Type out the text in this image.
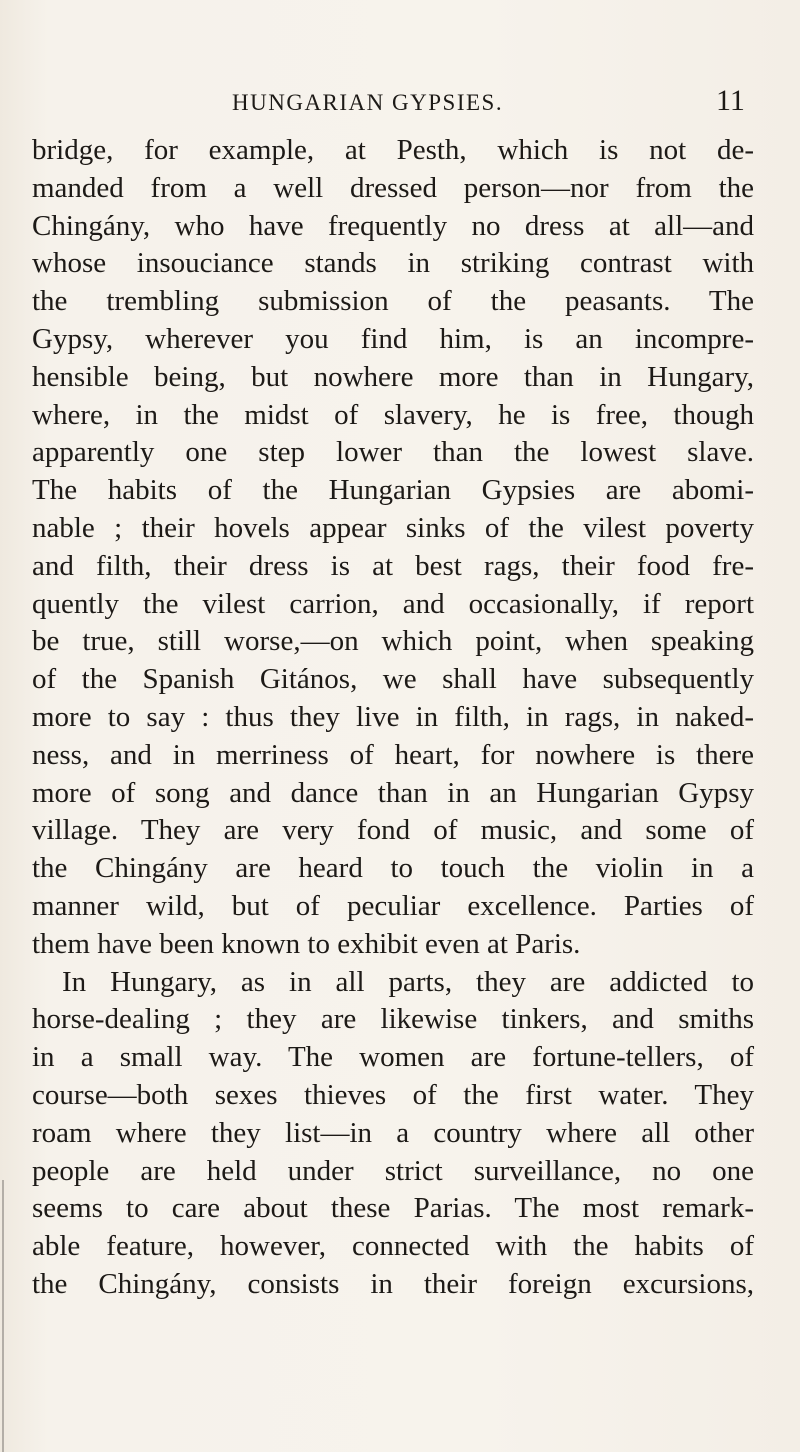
HUNGARIAN GYPSIES.	11
bridge, for example, at Pesth, which is not de-
manded from a well dressed person—nor from the
Chingány, who have frequently no dress at all—and
whose insouciance stands in striking contrast with
the trembling submission of the peasants. The
Gypsy, wherever you find him, is an incompre-
hensible being, but nowhere more than in Hungary,
where, in the midst of slavery, he is free, though
apparently one step lower than the lowest slave.
The habits of the Hungarian Gypsies are abomi-
nable ; their hovels appear sinks of the vilest poverty
and filth, their dress is at best rags, their food fre-
quently the vilest carrion, and occasionally, if report
be true, still worse,—on which point, when speaking
of the Spanish Gitános, we shall have subsequently
more to say : thus they live in filth, in rags, in naked-
ness, and in merriness of heart, for nowhere is there
more of song and dance than in an Hungarian Gypsy
village. They are very fond of music, and some of
the Chingány are heard to touch the violin in a
manner wild, but of peculiar excellence. Parties of
them have been known to exhibit even at Paris.
In Hungary, as in all parts, they are addicted to
horse-dealing ; they are likewise tinkers, and smiths
in a small way. The women are fortune-tellers, of
course—both sexes thieves of the first water. They
roam where they list—in a country where all other
people are held under strict surveillance, no one
seems to care about these Parias. The most remark-
able feature, however, connected with the habits of
the Chingány, consists in their foreign excursions,
